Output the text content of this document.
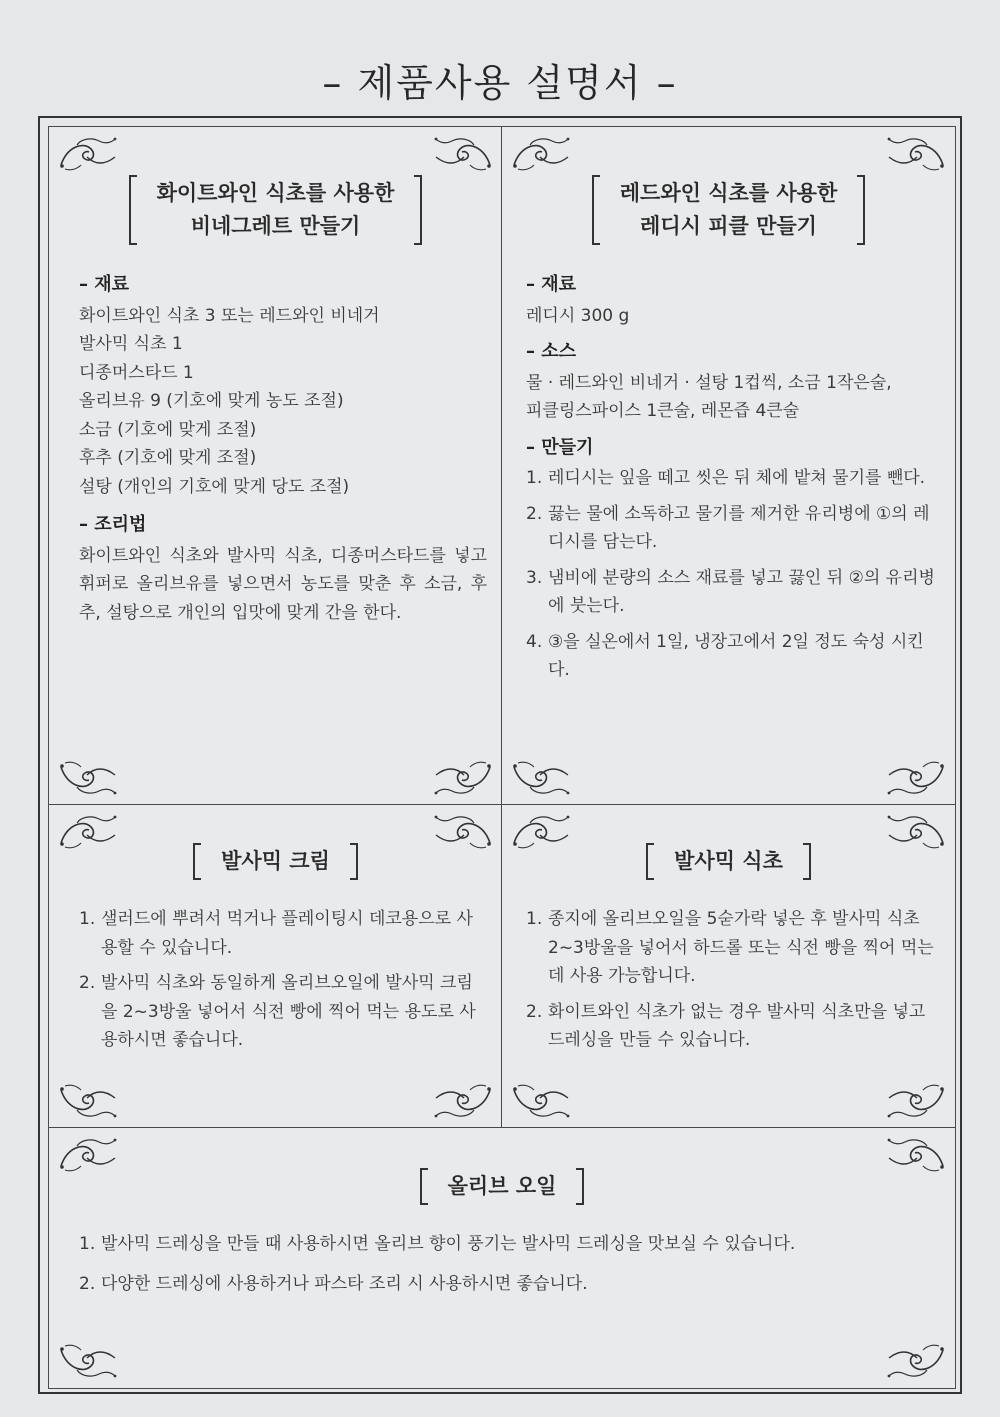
– 제품사용 설명서 –
화이트와인 식초를 사용한
비네그레트 만들기
– 재료
화이트와인 식초 3 또는 레드와인 비네거
발사믹 식초 1
디종머스타드 1
올리브유 9 (기호에 맞게 농도 조절)
소금 (기호에 맞게 조절)
후추 (기호에 맞게 조절)
설탕 (개인의 기호에 맞게 당도 조절)
– 조리법
화이트와인 식초와 발사믹 식초, 디종머스타드를 넣고 휘퍼로 올리브유를 넣으면서 농도를 맞춘 후 소금, 후추, 설탕으로 개인의 입맛에 맞게 간을 한다.
레드와인 식초를 사용한
레디시 피클 만들기
– 재료
레디시 300 g
– 소스
물 · 레드와인 비네거 · 설탕 1컵씩, 소금 1작은술,
피클링스파이스 1큰술, 레몬즙 4큰술
– 만들기
1. 레디시는 잎을 떼고 씻은 뒤 체에 밭쳐 물기를 뺀다.
2. 끓는 물에 소독하고 물기를 제거한 유리병에 ①의 레디시를 담는다.
3. 냄비에 분량의 소스 재료를 넣고 끓인 뒤 ②의 유리병에 붓는다.
4. ③을 실온에서 1일, 냉장고에서 2일 정도 숙성 시킨다.
발사믹 크림
1. 샐러드에 뿌려서 먹거나 플레이팅시 데코용으로 사용할 수 있습니다.
2. 발사믹 식초와 동일하게 올리브오일에 발사믹 크림을 2~3방울 넣어서 식전 빵에 찍어 먹는 용도로 사용하시면 좋습니다.
발사믹 식초
1. 종지에 올리브오일을 5숟가락 넣은 후 발사믹 식초 2~3방울을 넣어서 하드롤 또는 식전 빵을 찍어 먹는데 사용 가능합니다.
2. 화이트와인 식초가 없는 경우 발사믹 식초만을 넣고 드레싱을 만들 수 있습니다.
올리브 오일
1. 발사믹 드레싱을 만들 때 사용하시면 올리브 향이 풍기는 발사믹 드레싱을 맛보실 수 있습니다.
2. 다양한 드레싱에 사용하거나 파스타 조리 시 사용하시면 좋습니다.
